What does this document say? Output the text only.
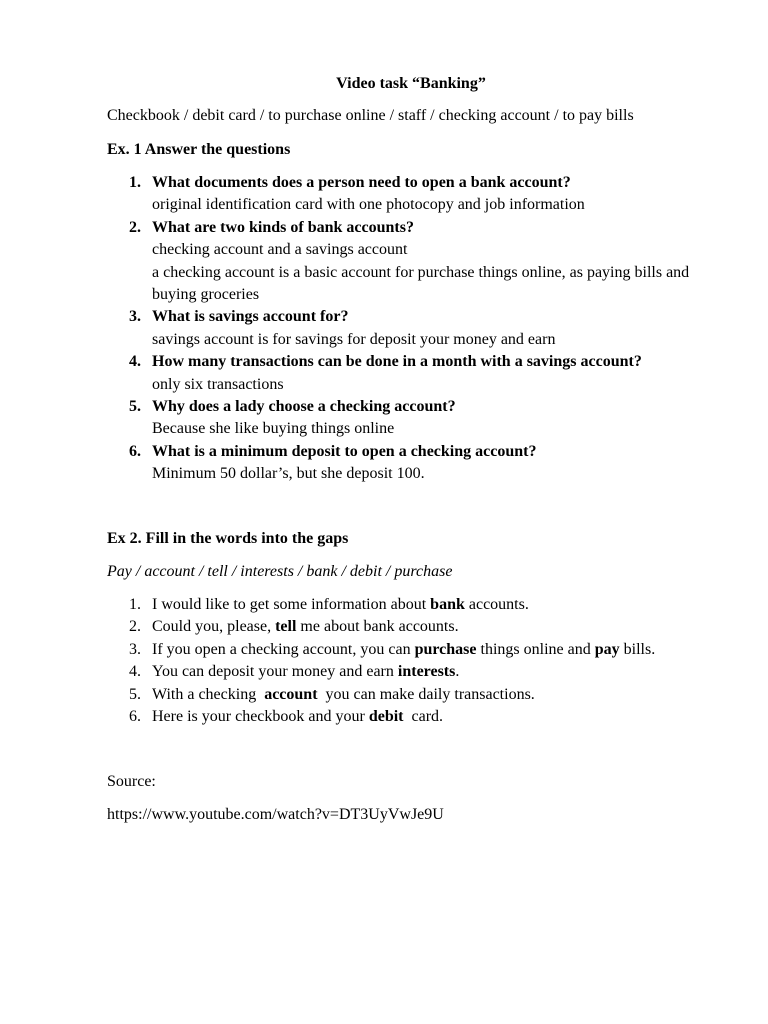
Video task “Banking”
Checkbook / debit card / to purchase online / staff / checking account / to pay bills
Ex. 1 Answer the questions
1. What documents does a person need to open a bank account?
original identification card with one photocopy and job information
2. What are two kinds of bank accounts?
checking account and a savings account
a checking account is a basic account for purchase things online, as paying bills and buying groceries
3. What is savings account for?
savings account is for savings for deposit your money and earn
4. How many transactions can be done in a month with a savings account?
only six transactions
5. Why does a lady choose a checking account?
Because she like buying things online
6. What is a minimum deposit to open a checking account?
Minimum 50 dollar’s, but she deposit 100.
Ex 2. Fill in the words into the gaps
Pay / account / tell / interests / bank / debit / purchase
1. I would like to get some information about bank accounts.
2. Could you, please, tell me about bank accounts.
3. If you open a checking account, you can purchase things online and pay bills.
4. You can deposit your money and earn interests.
5. With a checking  account  you can make daily transactions.
6. Here is your checkbook and your debit  card.
Source:
https://www.youtube.com/watch?v=DT3UyVwJe9U
